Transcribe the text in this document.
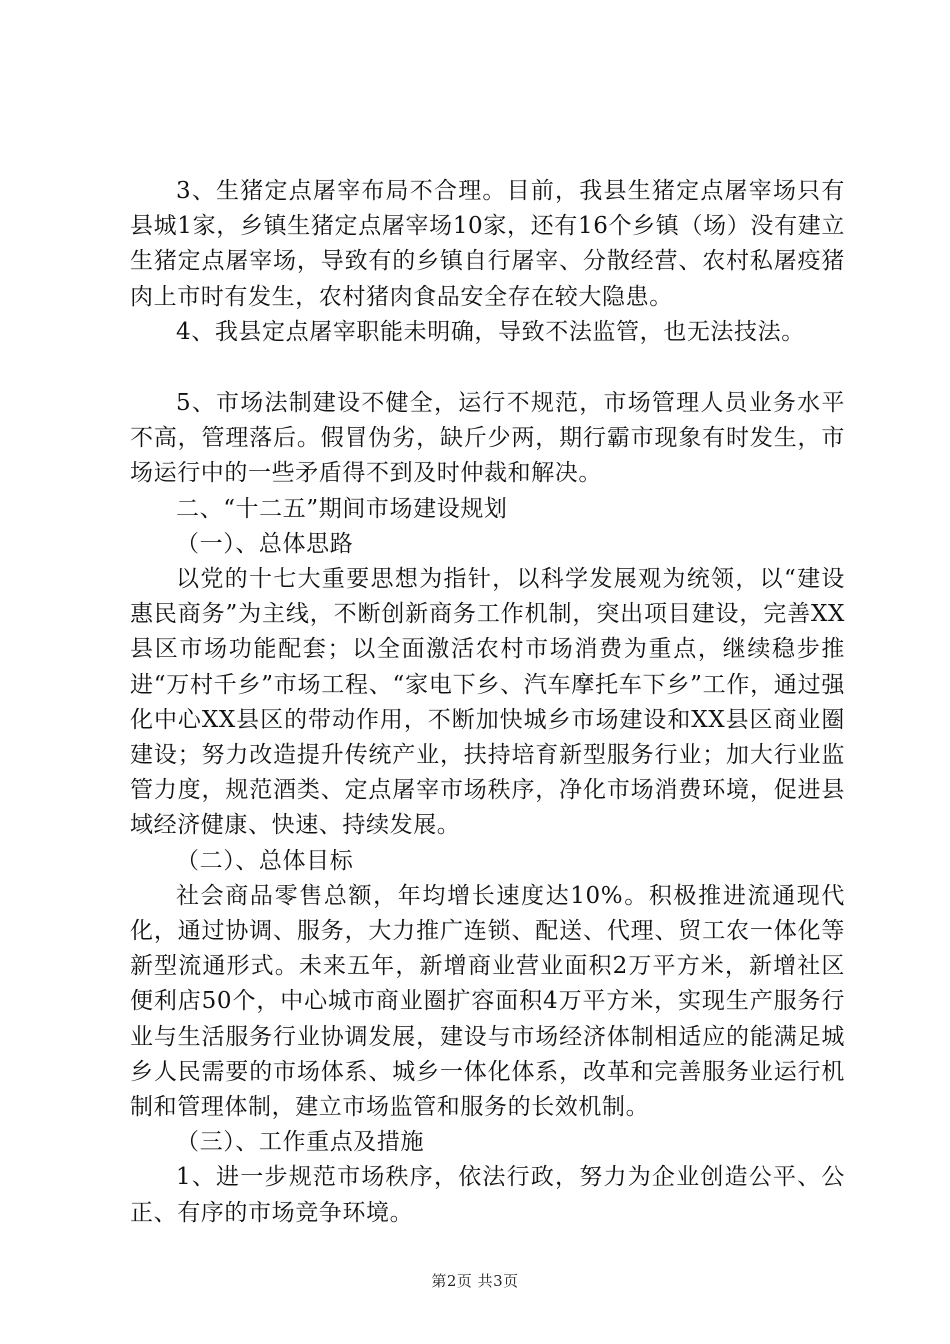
3、生猪定点屠宰布局不合理。目前，我县生猪定点屠宰场只有县城1家，乡镇生猪定点屠宰场10家，还有16个乡镇（场）没有建立生猪定点屠宰场，导致有的乡镇自行屠宰、分散经营、农村私屠疫猪肉上市时有发生，农村猪肉食品安全存在较大隐患。

4、我县定点屠宰职能未明确，导致不法监管，也无法技法。

5、市场法制建设不健全，运行不规范，市场管理人员业务水平不高，管理落后。假冒伪劣，缺斤少两，期行霸市现象有时发生，市场运行中的一些矛盾得不到及时仲裁和解决。

二、“十二五”期间市场建设规划

（一）、总体思路

以党的十七大重要思想为指针，以科学发展观为统领，以“建设惠民商务”为主线，不断创新商务工作机制，突出项目建设，完善XX县区市场功能配套；以全面激活农村市场消费为重点，继续稳步推进“万村千乡”市场工程、“家电下乡、汽车摩托车下乡”工作，通过强化中心XX县区的带动作用，不断加快城乡市场建设和XX县区商业圈建设；努力改造提升传统产业，扶持培育新型服务行业；加大行业监管力度，规范酒类、定点屠宰市场秩序，净化市场消费环境，促进县域经济健康、快速、持续发展。

（二）、总体目标

社会商品零售总额，年均增长速度达10%。积极推进流通现代化，通过协调、服务，大力推广连锁、配送、代理、贸工农一体化等新型流通形式。未来五年，新增商业营业面积2万平方米，新增社区便利店50个，中心城市商业圈扩容面积4万平方米，实现生产服务行业与生活服务行业协调发展，建设与市场经济体制相适应的能满足城乡人民需要的市场体系、城乡一体化体系，改革和完善服务业运行机制和管理体制，建立市场监管和服务的长效机制。

（三）、工作重点及措施

1、进一步规范市场秩序，依法行政，努力为企业创造公平、公正、有序的市场竞争环境。

第2页 共3页
